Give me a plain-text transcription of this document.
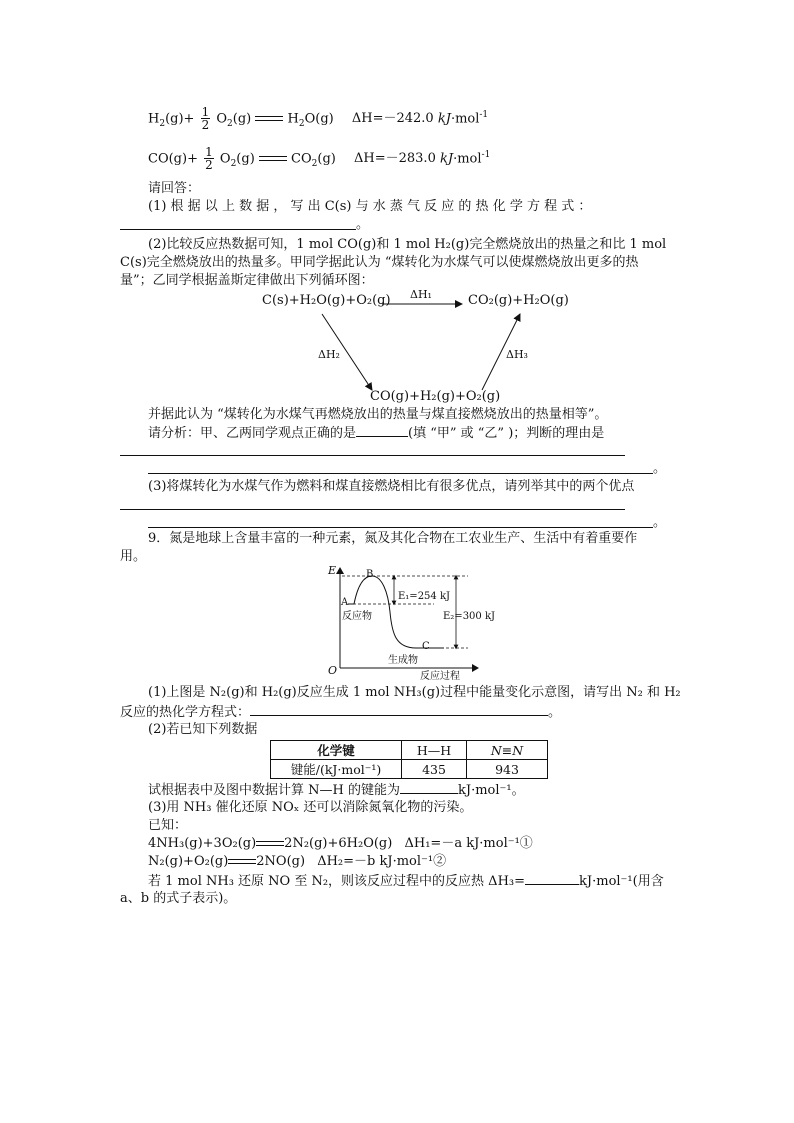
$H_2(g)+ \frac{1}{2} O_2(g)$	$H_2O(g)$ ΔH=－242.0 kJ·mol$^{-1}$
$CO(g)+ \frac{1}{2} O_2(g)$	$CO_2(g)$ ΔH=－283.0 kJ·mol$^{-1}$
请回答：
(1) 根 据 以 上 数 据 ， 写 出 C(s) 与 水 蒸 气 反 应 的 热 化 学 方 程 式 ：
。
(2)比较反应热数据可知，1 mol CO(g)和 1 mol H₂(g)完全燃烧放出的热量之和比 1 mol
C(s)完全燃烧放出的热量多。甲同学据此认为 “煤转化为水煤气可以使煤燃烧放出更多的热
量”；乙同学根据盖斯定律做出下列循环图：
C(s)+H₂O(g)+O₂(g)	CO₂(g)+H₂O(g)
CO(g)+H₂(g)+O₂(g)
ΔH₁
ΔH₂	ΔH₃
并据此认为 “煤转化为水煤气再燃烧放出的热量与煤直接燃烧放出的热量相等”。
请分析：甲、乙两同学观点正确的是	(填 “甲” 或 “乙” )；判断的理由是
。
(3)将煤转化为水煤气作为燃料和煤直接燃烧相比有很多优点，请列举其中的两个优点
。
9．氮是地球上含量丰富的一种元素，氮及其化合物在工农业生产、生活中有着重要作
用。
E
O
B
A
反应物
E₁=254 kJ
E₂=300 kJ
C
生成物
反应过程
(1)上图是 N₂(g)和 H₂(g)反应生成 1 mol NH₃(g)过程中能量变化示意图，请写出 N₂ 和 H₂
反应的热化学方程式：	。
(2)若已知下列数据
化学键	H—H	N≡N
键能/(kJ·mol⁻¹)	435	943
试根据表中及图中数据计算 N—H 的键能为	kJ·mol⁻¹。
(3)用 NH₃ 催化还原 NOₓ 还可以消除氮氧化物的污染。
已知：
4NH₃(g)+3O₂(g) 2N₂(g)+6H₂O(g) ΔH₁=－a kJ·mol⁻¹①
N₂(g)+O₂(g) 2NO(g) ΔH₂=－b kJ·mol⁻¹②
若 1 mol NH₃ 还原 NO 至 N₂，则该反应过程中的反应热 ΔH₃=	kJ·mol⁻¹(用含
a、b 的式子表示)。
